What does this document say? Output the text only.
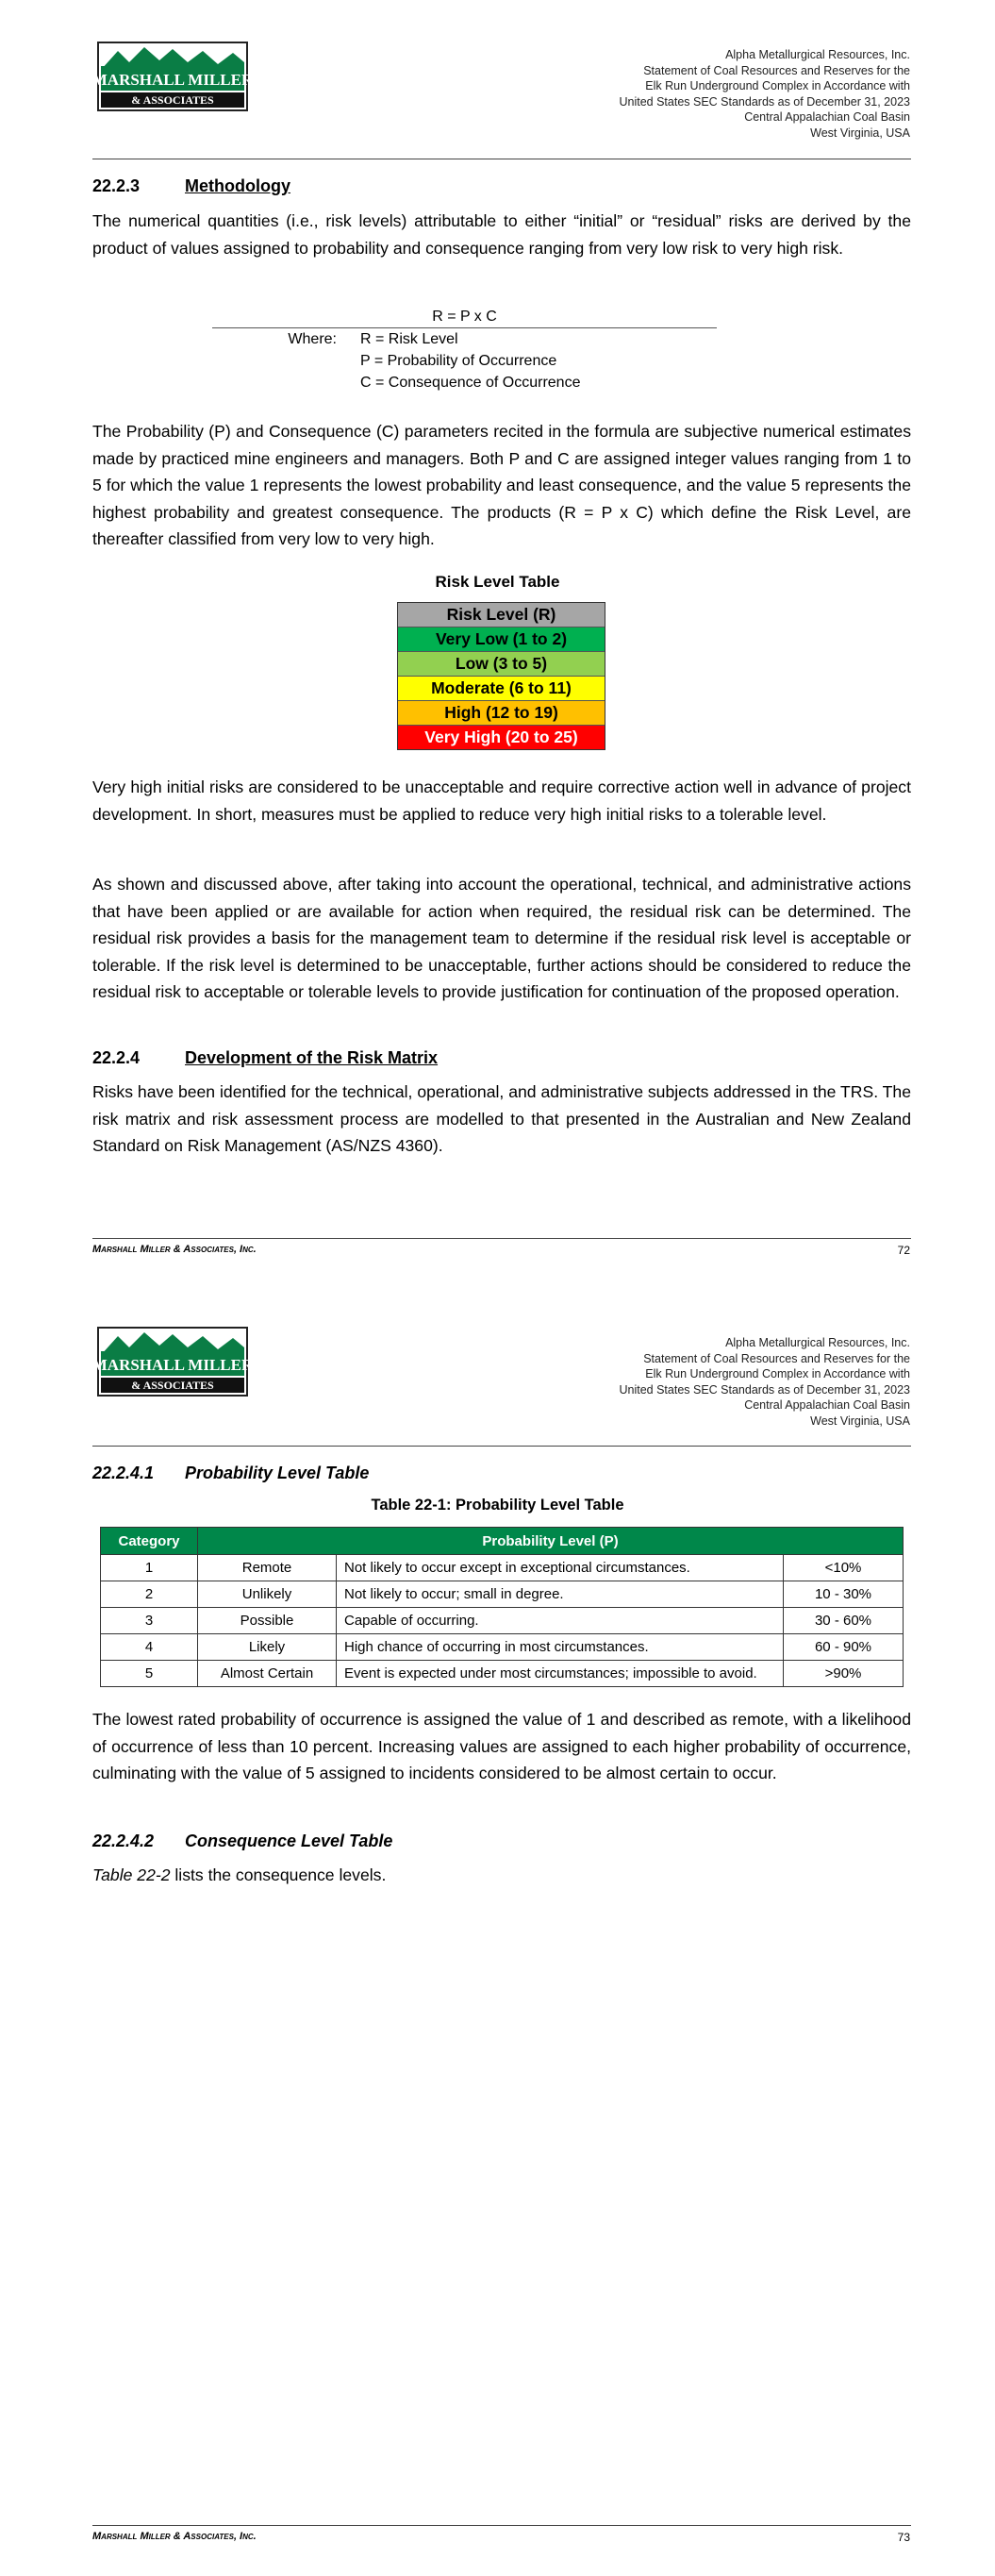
MARSHALL MILLER
& ASSOCIATES
Alpha Metallurgical Resources, Inc.
Statement of Coal Resources and Reserves for the
Elk Run Underground Complex in Accordance with
United States SEC Standards as of December 31, 2023
Central Appalachian Coal Basin
West Virginia, USA
22.2.3	Methodology

The numerical quantities (i.e., risk levels) attributable to either “initial” or “residual” risks are derived by the product of values assigned to probability and consequence ranging from very low risk to very high risk.

R = P x C
Where:	R = Risk Level
P = Probability of Occurrence
C = Consequence of Occurrence

The Probability (P) and Consequence (C) parameters recited in the formula are subjective numerical estimates made by practiced mine engineers and managers. Both P and C are assigned integer values ranging from 1 to 5 for which the value 1 represents the lowest probability and least consequence, and the value 5 represents the highest probability and greatest consequence. The products (R = P x C) which define the Risk Level, are thereafter classified from very low to very high.

Risk Level Table
Risk Level (R)
Very Low (1 to 2)
Low (3 to 5)
Moderate (6 to 11)
High (12 to 19)
Very High (20 to 25)

Very high initial risks are considered to be unacceptable and require corrective action well in advance of project development. In short, measures must be applied to reduce very high initial risks to a tolerable level.

As shown and discussed above, after taking into account the operational, technical, and administrative actions that have been applied or are available for action when required, the residual risk can be determined. The residual risk provides a basis for the management team to determine if the residual risk level is acceptable or tolerable. If the risk level is determined to be unacceptable, further actions should be considered to reduce the residual risk to acceptable or tolerable levels to provide justification for continuation of the proposed operation.

22.2.4	Development of the Risk Matrix

Risks have been identified for the technical, operational, and administrative subjects addressed in the TRS. The risk matrix and risk assessment process are modelled to that presented in the Australian and New Zealand Standard on Risk Management (AS/NZS 4360).

Marshall Miller & Associates, Inc.	72
MARSHALL MILLER
& ASSOCIATES
Alpha Metallurgical Resources, Inc.
Statement of Coal Resources and Reserves for the
Elk Run Underground Complex in Accordance with
United States SEC Standards as of December 31, 2023
Central Appalachian Coal Basin
West Virginia, USA
22.2.4.1 Probability Level Table
Table 22-1: Probability Level Table
Category	Probability Level (P)		
1	Remote	Not likely to occur except in exceptional circumstances.	<10%
2	Unlikely	Not likely to occur; small in degree.	10 - 30%
3	Possible	Capable of occurring.	30 - 60%
4	Likely	High chance of occurring in most circumstances.	60 - 90%
5	Almost Certain	Event is expected under most circumstances; impossible to avoid.	>90%

The lowest rated probability of occurrence is assigned the value of 1 and described as remote, with a likelihood of occurrence of less than 10 percent. Increasing values are assigned to each higher probability of occurrence, culminating with the value of 5 assigned to incidents considered to be almost certain to occur.

22.2.4.2 Consequence Level Table

Table 22-2 lists the consequence levels.

Marshall Miller & Associates, Inc.	73
